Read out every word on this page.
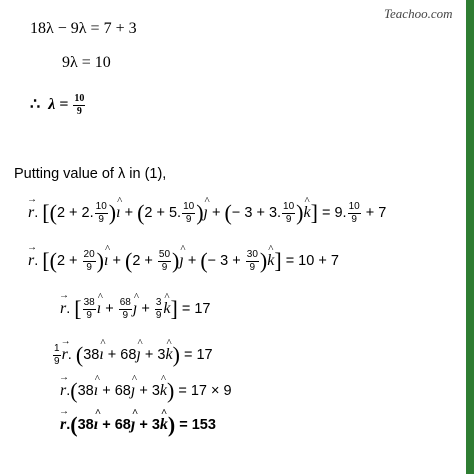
Teachoo.com
18λ − 9λ = 7 + 3
9λ = 10
∴ $\lambda = \frac{10}{9}$
Putting value of λ in (1),
r →. [(2 + 2. $\frac{10}{9}$ )ı ^ + (2 + 5. $\frac{10}{9}$ )ȷ ^ + (− 3 + 3. $\frac{10}{9} )k$ ^] = 9. $\frac{10}{9} + 7$
r →. [($2 + \frac{20}{9}$ )ı ^ + ($2 + \frac{50}{9}$ )ȷ ^ + (− $3 + \frac{30}{9} )k$ ^] = 10 + 7
r →. [ $\frac{38}{9}$ ı ^ + $\frac{68}{9}$ ȷ ^ + $\frac{3}{9}$ k ^] = 17
$\frac{1}{9}$ r →. (38ı ^ + 68ȷ ^ + 3k ^) = 17
r →.(38ı ^ + 68ȷ ^ + 3k ^) = 17 × 9
r →.(38ı ^ + 68ȷ ^ + 3k ^) = 153
